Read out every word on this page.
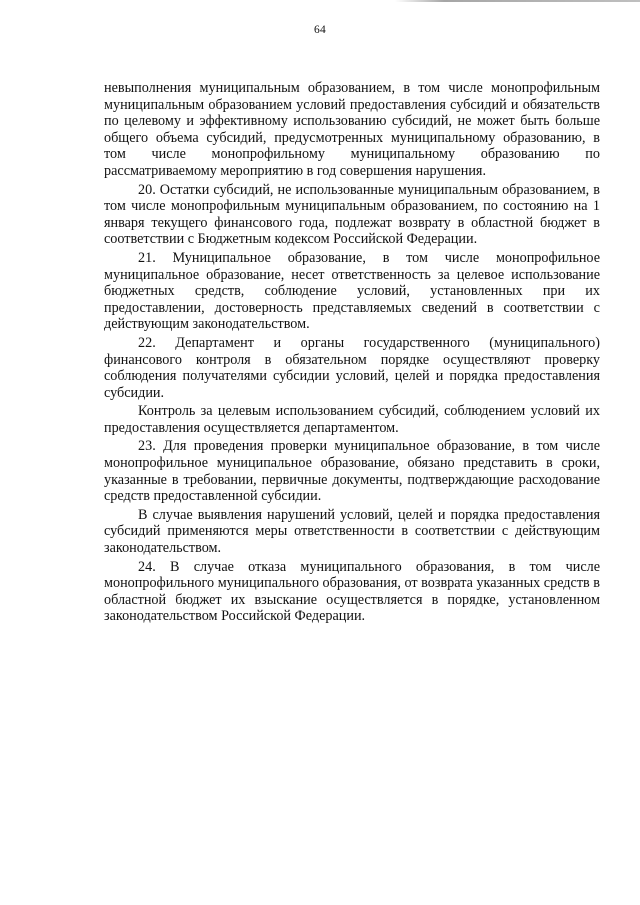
64

невыполнения муниципальным образованием, в том числе монопрофильным муниципальным образованием условий предоставления субсидий и обязательств по целевому и эффективному использованию субсидий, не может быть больше общего объема субсидий, предусмотренных муниципальному образованию, в том числе монопрофильному муниципальному образованию по рассматриваемому мероприятию в год совершения нарушения.

20. Остатки субсидий, не использованные муниципальным образованием, в том числе монопрофильным муниципальным образованием, по состоянию на 1 января текущего финансового года, подлежат возврату в областной бюджет в соответствии с Бюджетным кодексом Российской Федерации.

21. Муниципальное образование, в том числе монопрофильное муниципальное образование, несет ответственность за целевое использование бюджетных средств, соблюдение условий, установленных при их предоставлении, достоверность представляемых сведений в соответствии с действующим законодательством.

22. Департамент и органы государственного (муниципального) финансового контроля в обязательном порядке осуществляют проверку соблюдения получателями субсидии условий, целей и порядка предоставления субсидии.

Контроль за целевым использованием субсидий, соблюдением условий их предоставления осуществляется департаментом.

23. Для проведения проверки муниципальное образование, в том числе монопрофильное муниципальное образование, обязано представить в сроки, указанные в требовании, первичные документы, подтверждающие расходование средств предоставленной субсидии.

В случае выявления нарушений условий, целей и порядка предоставления субсидий применяются меры ответственности в соответствии с действующим законодательством.

24. В случае отказа муниципального образования, в том числе монопрофильного муниципального образования, от возврата указанных средств в областной бюджет их взыскание осуществляется в порядке, установленном законодательством Российской Федерации.
